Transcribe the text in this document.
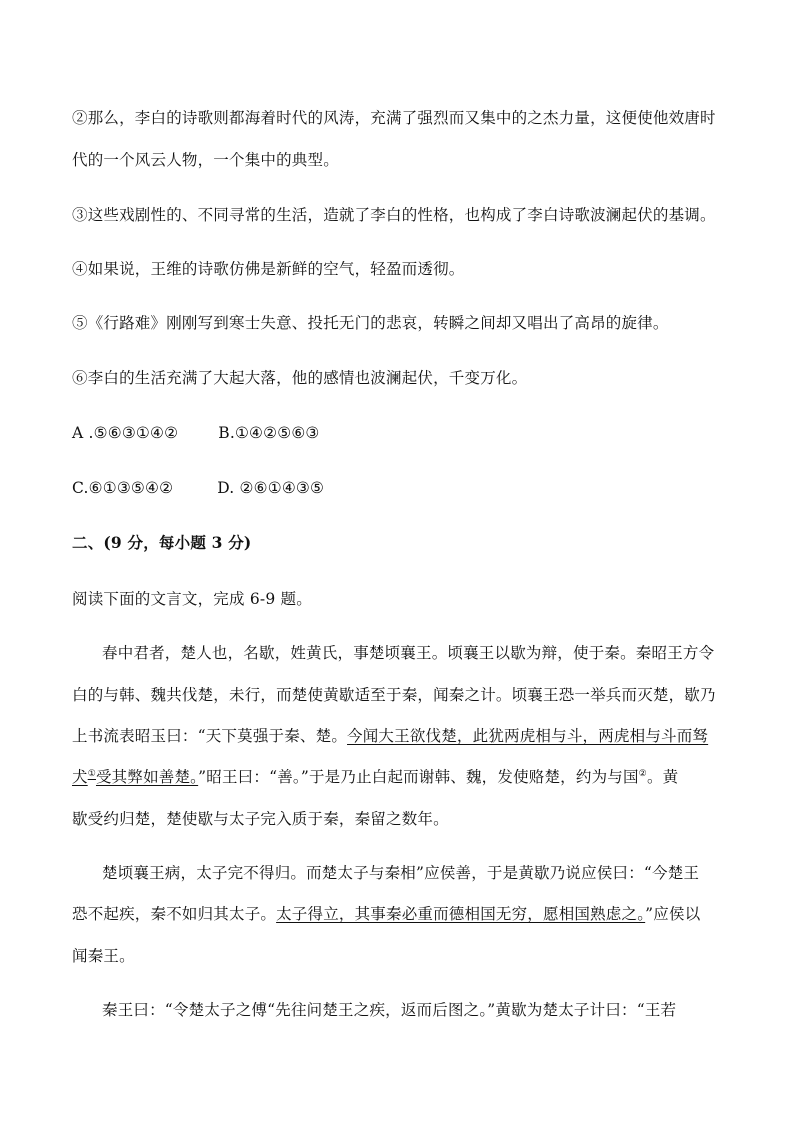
②那么，李白的诗歌则都海着时代的风涛，充满了强烈而又集中的之杰力量，这便使他效唐时
代的一个风云人物，一个集中的典型。
③这些戏剧性的、不同寻常的生活，造就了李白的性格，也构成了李白诗歌波澜起伏的基调。
④如果说，王维的诗歌仿佛是新鲜的空气，轻盈而透彻。
⑤《行路难》刚刚写到寒士失意、投托无门的悲哀，转瞬之间却又唱出了高昂的旋律。
⑥李白的生活充满了大起大落，他的感情也波澜起伏，千变万化。
A .⑤⑥③①④②	B.①④②⑤⑥③
C.⑥①③⑤④②	D. ②⑥①④③⑤
二、(9 分，每小题 3 分)
阅读下面的文言文，完成 6-9 题。
春中君者，楚人也，名歇，姓黄氏，事楚顷襄王。顷襄王以歇为辩，使于秦。秦昭王方令
白的与韩、魏共伐楚，未行，而楚使黄歇适至于秦，闻秦之计。顷襄王恐一举兵而灭楚，歇乃
上书流表昭玉曰：“天下莫强于秦、楚。今闻大王欲伐楚，此犹两虎相与斗，两虎相与斗而驽
犬①受其弊如善楚。”昭王曰：“善。”于是乃止白起而谢韩、魏，发使赂楚，约为与国②。黄
歇受约归楚，楚使歇与太子完入质于秦，秦留之数年。
楚顷襄王病，太子完不得归。而楚太子与秦相”应侯善，于是黄歇乃说应侯曰：“今楚王
恐不起疾，秦不如归其太子。太子得立，其事秦必重而德相国无穷，愿相国熟虑之。”应侯以
闻秦王。
秦王曰：“令楚太子之傅“先往问楚王之疾，返而后图之。”黄歇为楚太子计曰：“王若
